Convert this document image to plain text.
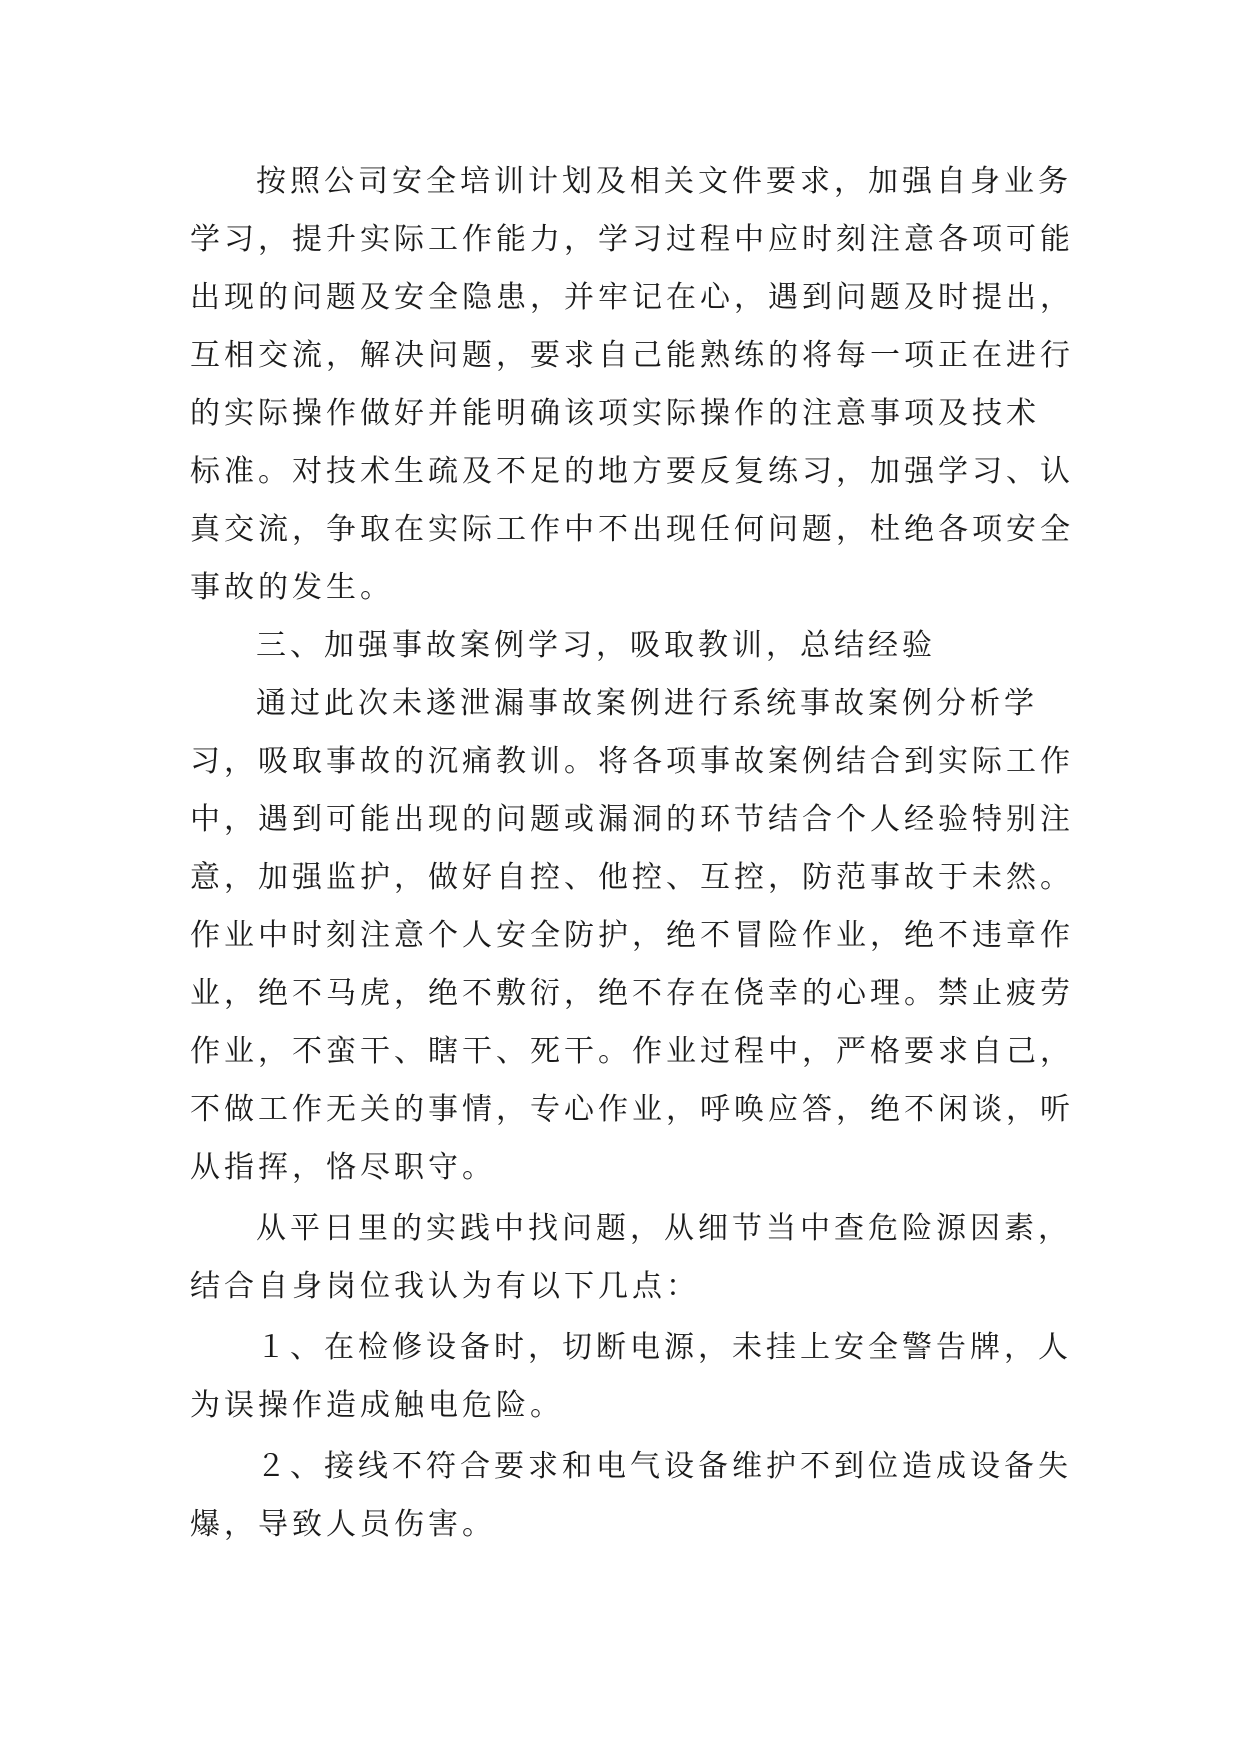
按照公司安全培训计划及相关文件要求，加强自身业务
学习，提升实际工作能力，学习过程中应时刻注意各项可能
出现的问题及安全隐患，并牢记在心，遇到问题及时提出，
互相交流，解决问题，要求自己能熟练的将每一项正在进行
的实际操作做好并能明确该项实际操作的注意事项及技术
标准。对技术生疏及不足的地方要反复练习，加强学习、认
真交流，争取在实际工作中不出现任何问题，杜绝各项安全
事故的发生。
三、加强事故案例学习，吸取教训，总结经验
通过此次未遂泄漏事故案例进行系统事故案例分析学
习，吸取事故的沉痛教训。将各项事故案例结合到实际工作
中，遇到可能出现的问题或漏洞的环节结合个人经验特别注
意，加强监护，做好自控、他控、互控，防范事故于未然。
作业中时刻注意个人安全防护，绝不冒险作业，绝不违章作
业，绝不马虎，绝不敷衍，绝不存在侥幸的心理。禁止疲劳
作业，不蛮干、瞎干、死干。作业过程中，严格要求自己，
不做工作无关的事情，专心作业，呼唤应答，绝不闲谈，听
从指挥，恪尽职守。
从平日里的实践中找问题，从细节当中查危险源因素，
结合自身岗位我认为有以下几点：
１、在检修设备时，切断电源，未挂上安全警告牌，人
为误操作造成触电危险。
２、接线不符合要求和电气设备维护不到位造成设备失
爆，导致人员伤害。
